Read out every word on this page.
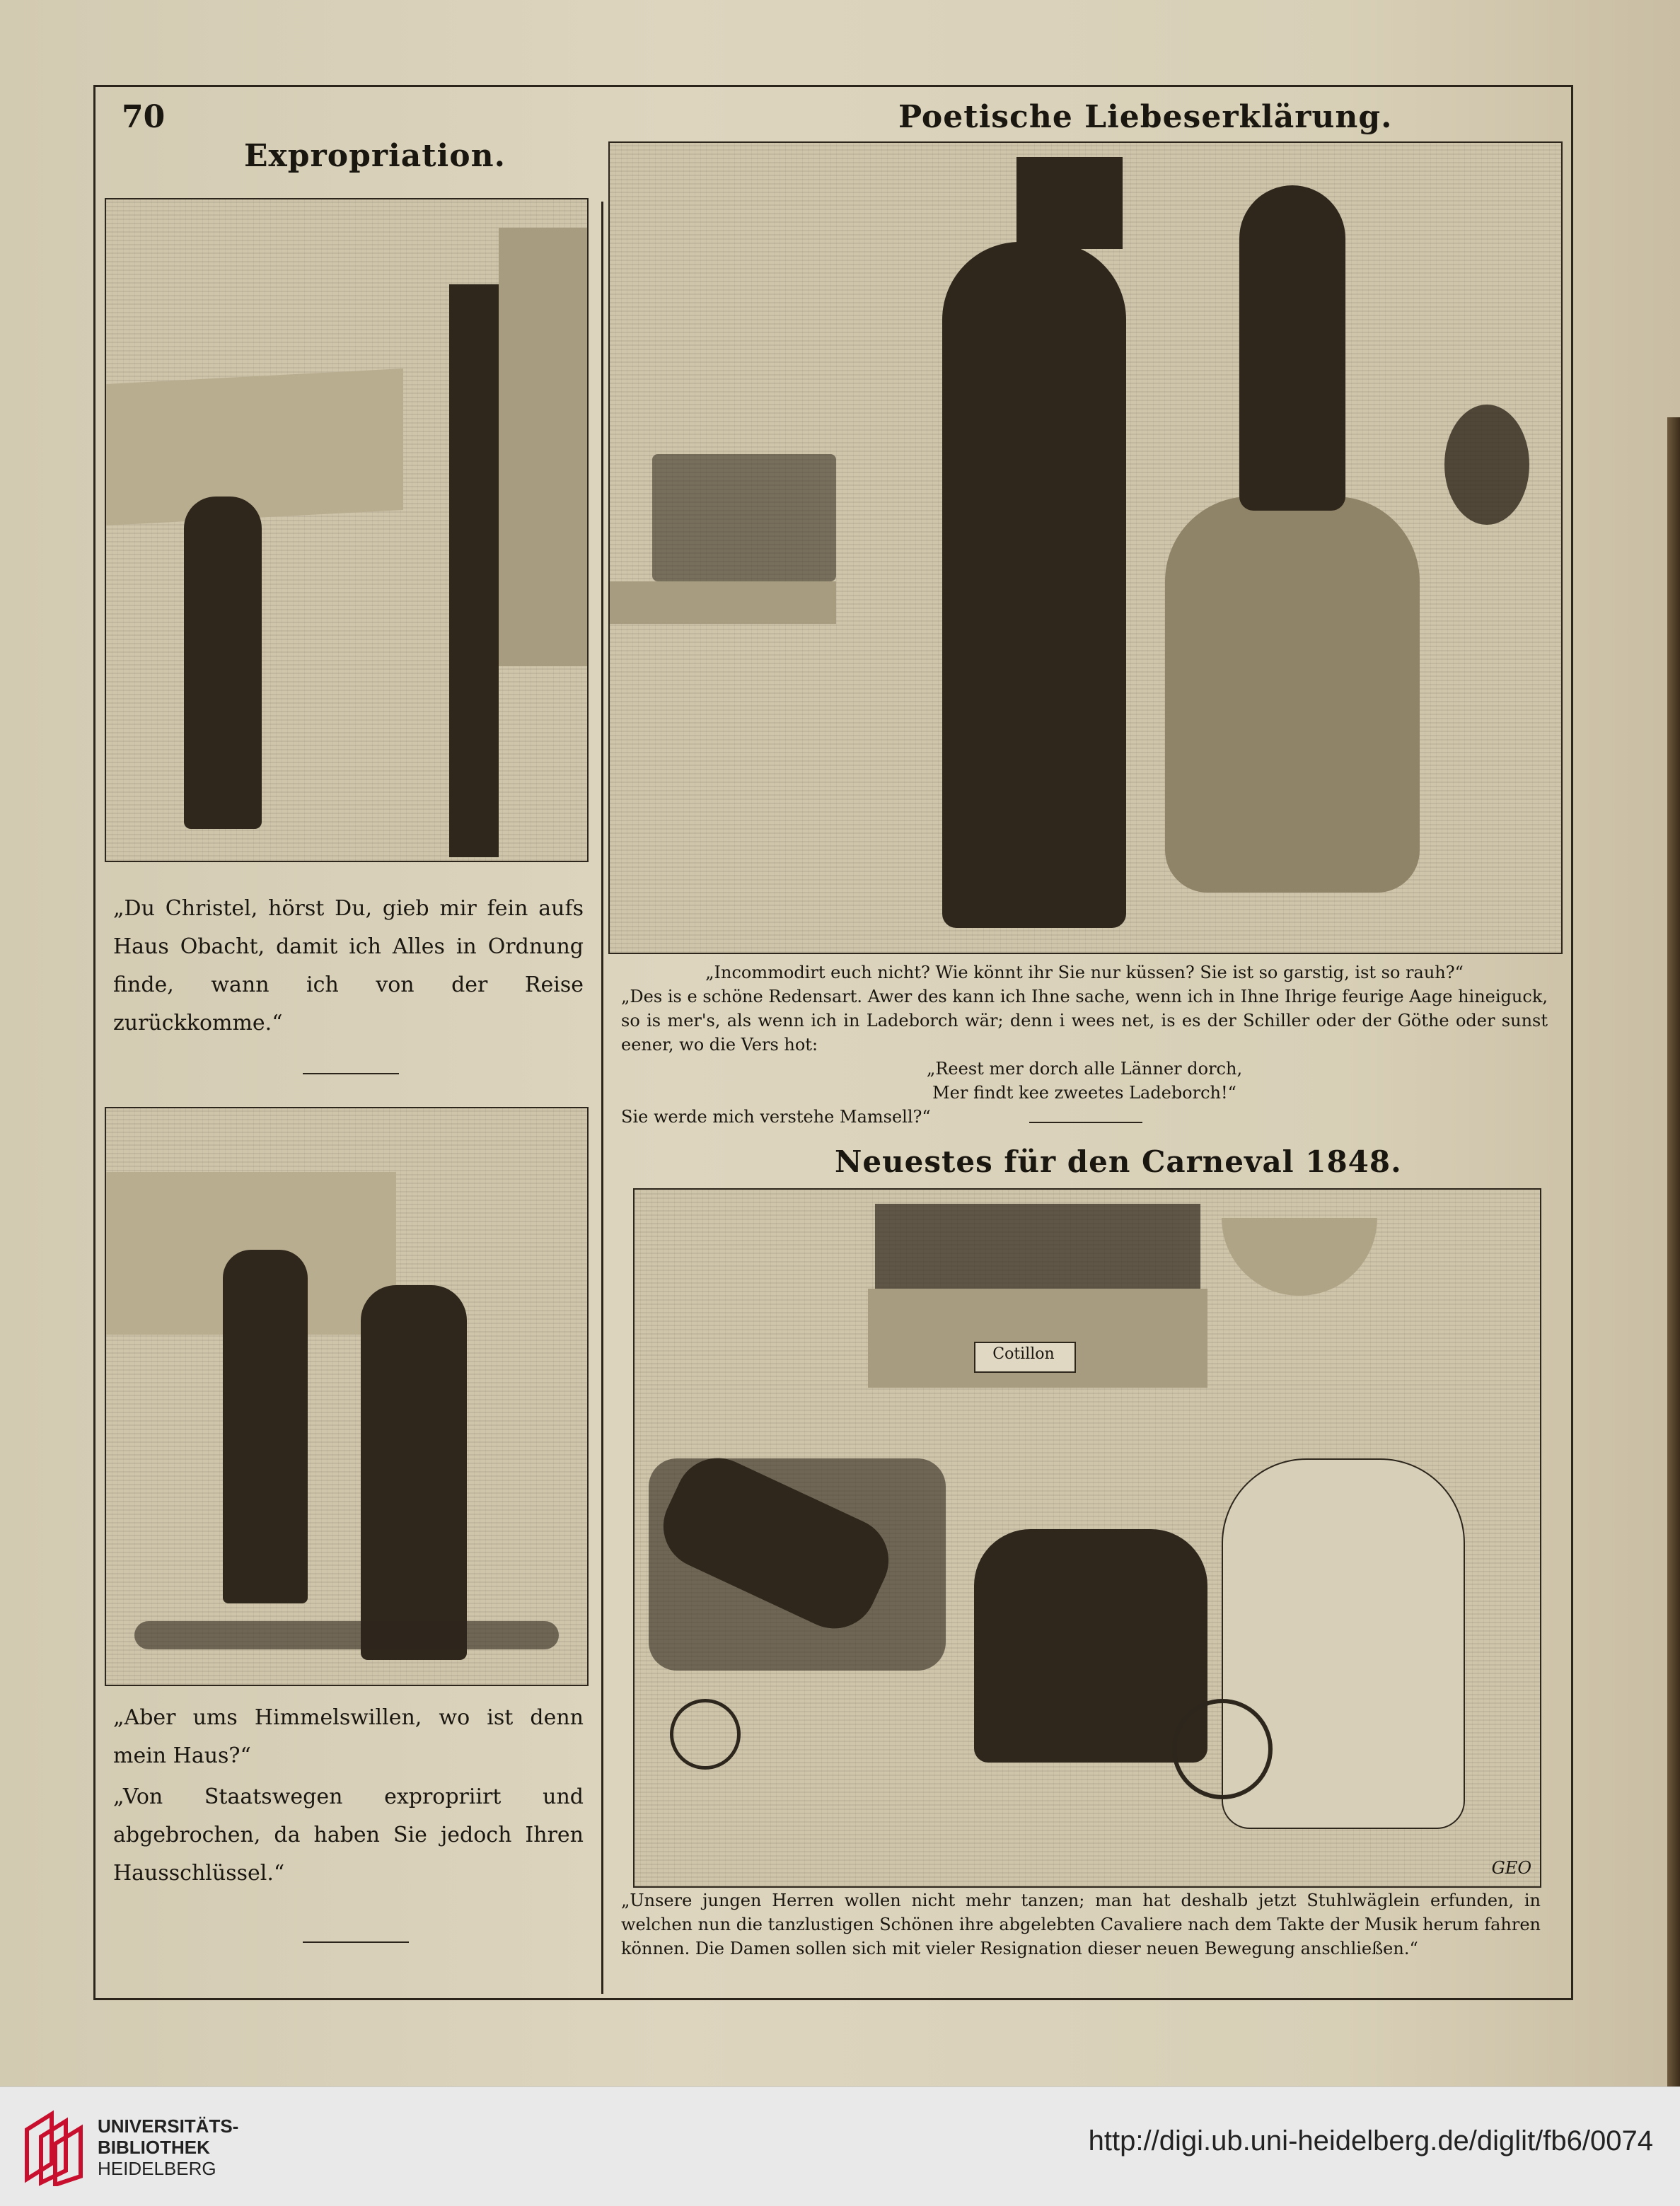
70
Expropriation.

„Du Christel, hörst Du, gieb mir fein aufs Haus Obacht, damit ich Alles in Ordnung finde, wann ich von der Reise zurückkomme.“

„Aber ums Himmelswillen, wo ist denn mein Haus?“

„Von Staatswegen expropriirt und abgebrochen, da haben Sie jedoch Ihren Hausschlüssel.“

Poetische Liebeserklärung.

„Incommodirt euch nicht? Wie könnt ihr Sie nur küssen? Sie ist so garstig, ist so rauh?“

„Des is e schöne Redensart. Awer des kann ich Ihne sache, wenn ich in Ihne Ihrige feurige Aage hineiguck, so is mer's, als wenn ich in Ladeborch wär; denn i wees net, is es der Schiller oder der Göthe oder sunst eener, wo die Vers hot:

„Reest mer dorch alle Länner dorch,

Mer findt kee zweetes Ladeborch!“

Sie werde mich verstehe Mamsell?“

Neuestes für den Carneval 1848.
Cotillon
GEO

„Unsere jungen Herren wollen nicht mehr tanzen; man hat deshalb jetzt Stuhlwäglein erfunden, in welchen nun die tanzlustigen Schönen ihre abgelebten Cavaliere nach dem Takte der Musik herum fahren können. Die Damen sollen sich mit vieler Resignation dieser neuen Bewegung anschließen.“

UNIVERSITÄTS-
BIBLIOTHEK
HEIDELBERG
http://digi.ub.uni-heidelberg.de/diglit/fb6/0074
